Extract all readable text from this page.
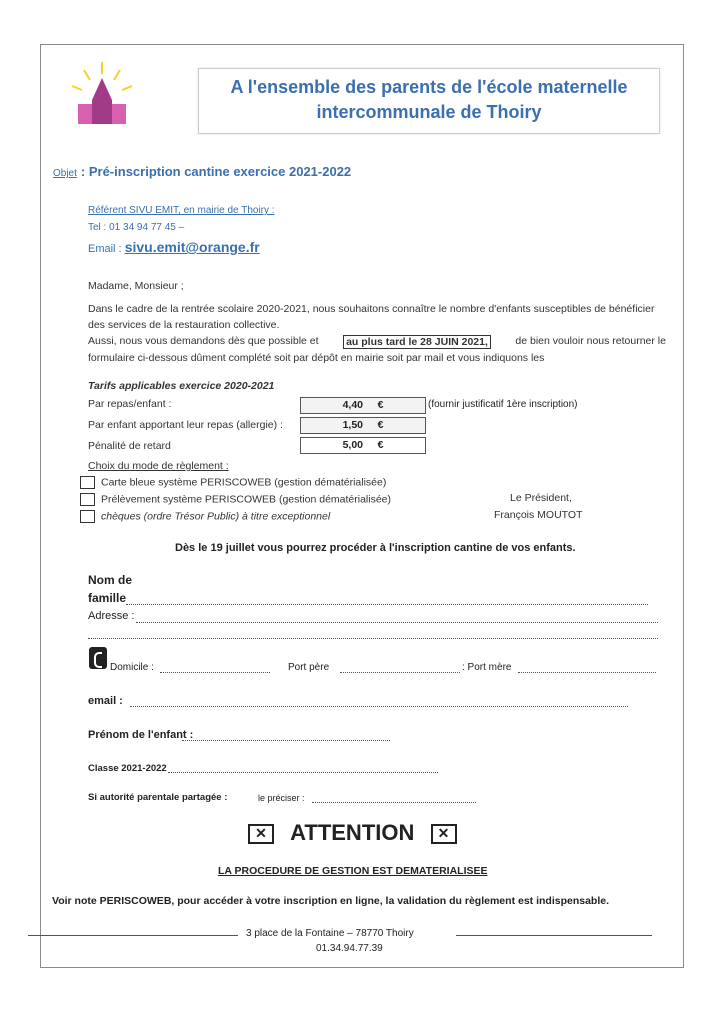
A l'ensemble des parents de l'école maternelle
intercommunale de Thoiry
Objet : Pré-inscription cantine exercice 2021-2022
Référent SIVU EMIT, en mairie de Thoiry :
Tel : 01 34 94 77 45 –
Email : sivu.emit@orange.fr
Madame, Monsieur ;
Dans le cadre de la rentrée scolaire 2020-2021, nous souhaitons connaître le nombre d'enfants susceptibles de bénéficier
des services de la restauration collective.
Aussi, nous vous demandons dès que possible et	au plus tard le 28 JUIN 2021,	de bien vouloir nous retourner le
formulaire ci-dessous dûment complété soit par dépôt en mairie soit par mail et vous indiquons les
Tarifs applicables exercice 2020-2021
Par repas/enfant :	4,40 €	(fournir justificatif 1ère inscription)
Par enfant apportant leur repas (allergie) :	1,50 €
Pénalité de retard	5,00 €
Choix du mode de règlement :
Carte bleue système PERISCOWEB (gestion dématérialisée)
Prélèvement système PERISCOWEB (gestion dématérialisée)
chèques (ordre Trésor Public) à titre exceptionnel
Le Président,
François MOUTOT
Dès le 19 juillet vous pourrez procéder à l'inscription cantine de vos enfants.
Nom de
famille
Adresse :
Domicile :	Port père	: Port mère
email :
Prénom de l'enfant :
Classe 2021-2022
Si autorité parentale partagée :	le préciser :
✕ ATTENTION ✕
LA PROCEDURE DE GESTION EST DEMATERIALISEE
Voir note PERISCOWEB, pour accéder à votre inscription en ligne, la validation du règlement est indispensable.
3 place de la Fontaine – 78770 Thoiry
01.34.94.77.39
